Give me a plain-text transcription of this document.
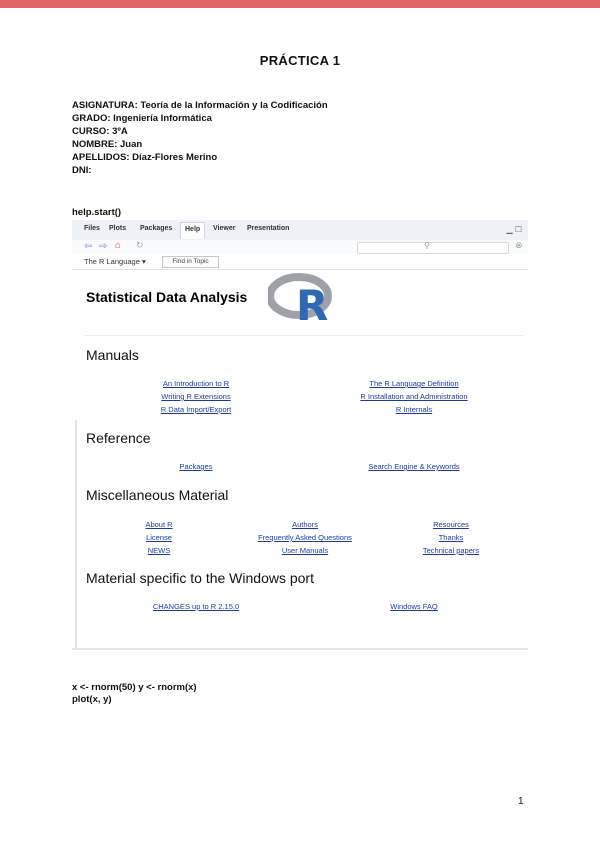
PRÁCTICA 1
ASIGNATURA: Teoría de la Información y la Codificación
GRADO: Ingeniería Informática
CURSO: 3ºA
NOMBRE: Juan
APELLIDOS: Díaz-Flores Merino
DNI:
help.start()
Files Plots Packages	Help	Viewer Presentation	▁ ☐
⇦ ⇨ ⌂ ↻	⚲	⊗
The R Language ▾	Find in Topic
Statistical Data Analysis R
Manuals
An Introduction to R	The R Language Definition
Writing R Extensions	R Installation and Administration
R Data Import/Export	R Internals
Reference
Packages	Search Engine & Keywords
Miscellaneous Material
About R	Authors	Resources
License	Frequently Asked Questions	Thanks
NEWS	User Manuals	Technical papers
Material specific to the Windows port
CHANGES up to R 2.15.0	Windows FAQ
x <- rnorm(50) y <- rnorm(x)
plot(x, y)
1
